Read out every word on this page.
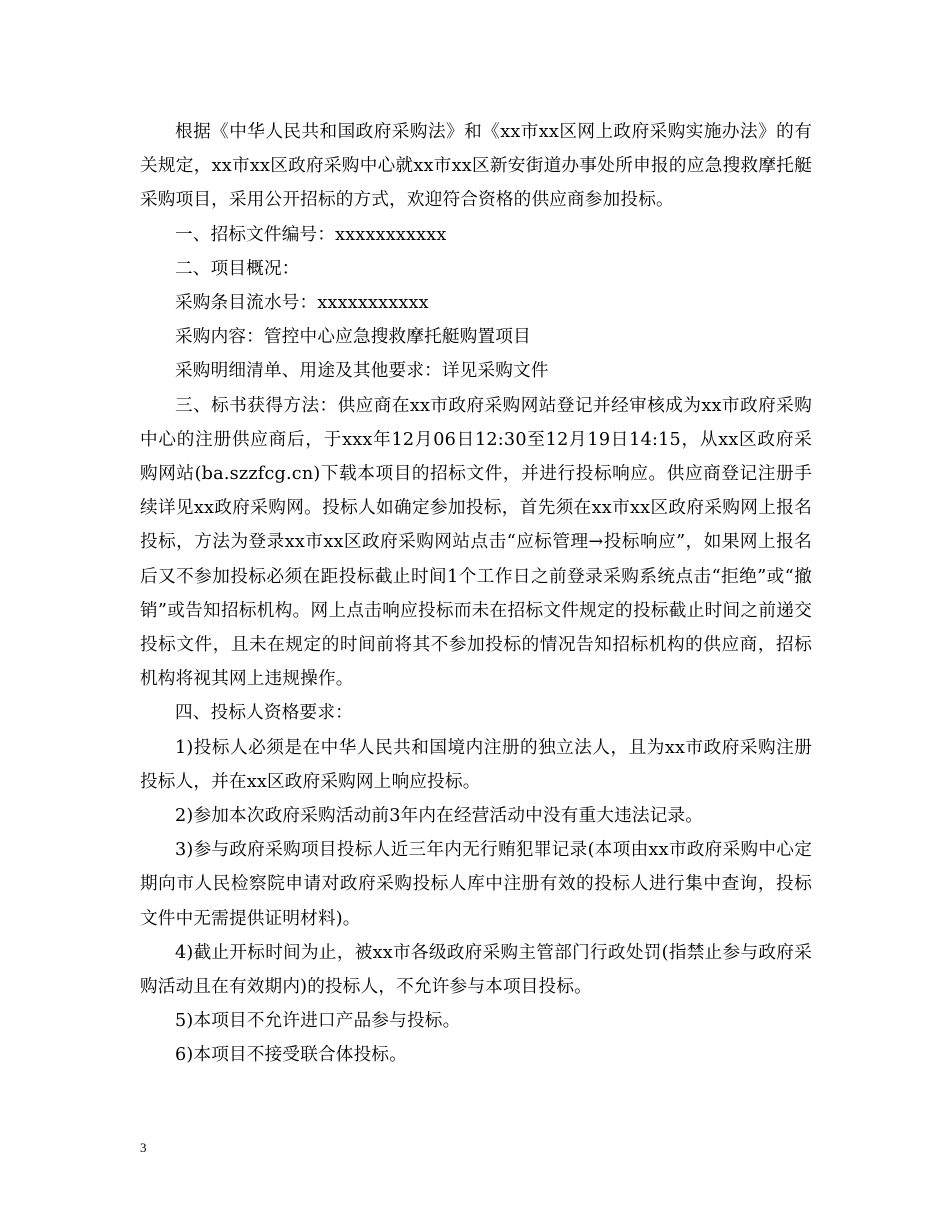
根据《中华人民共和国政府采购法》和《xx市xx区网上政府采购实施办法》的有关规定，xx市xx区政府采购中心就xx市xx区新安街道办事处所申报的应急搜救摩托艇采购项目，采用公开招标的方式，欢迎符合资格的供应商参加投标。

一、招标文件编号：xxxxxxxxxxx

二、项目概况：

采购条目流水号：xxxxxxxxxxx

采购内容：管控中心应急搜救摩托艇购置项目

采购明细清单、用途及其他要求：详见采购文件

三、标书获得方法：供应商在xx市政府采购网站登记并经审核成为xx市政府采购中心的注册供应商后，于xxx年12月06日12:30至12月19日14:15，从xx区政府采购网站(ba.szzfcg.cn)下载本项目的招标文件，并进行投标响应。供应商登记注册手续详见xx政府采购网。投标人如确定参加投标，首先须在xx市xx区政府采购网上报名投标，方法为登录xx市xx区政府采购网站点击“应标管理→投标响应”，如果网上报名后又不参加投标必须在距投标截止时间1个工作日之前登录采购系统点击“拒绝”或“撤销”或告知招标机构。网上点击响应投标而未在招标文件规定的投标截止时间之前递交投标文件，且未在规定的时间前将其不参加投标的情况告知招标机构的供应商，招标机构将视其网上违规操作。

四、投标人资格要求：

1)投标人必须是在中华人民共和国境内注册的独立法人，且为xx市政府采购注册投标人，并在xx区政府采购网上响应投标。

2)参加本次政府采购活动前3年内在经营活动中没有重大违法记录。

3)参与政府采购项目投标人近三年内无行贿犯罪记录(本项由xx市政府采购中心定期向市人民检察院申请对政府采购投标人库中注册有效的投标人进行集中查询，投标文件中无需提供证明材料)。

4)截止开标时间为止，被xx市各级政府采购主管部门行政处罚(指禁止参与政府采购活动且在有效期内)的投标人，不允许参与本项目投标。

5)本项目不允许进口产品参与投标。

6)本项目不接受联合体投标。

3
